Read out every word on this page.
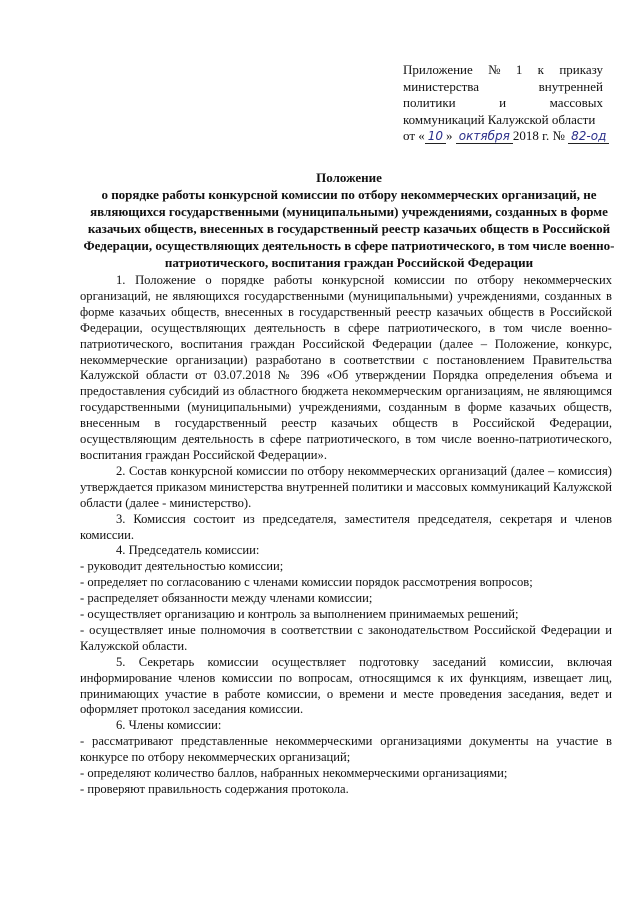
Приложение № 1 к приказу
министерства	внутренней
политики	и	массовых
коммуникаций Калужской области
от « 10 » октября 2018 г. № 82-од
Положение
о порядке работы конкурсной комиссии по отбору некоммерческих организаций, не являющихся государственными (муниципальными) учреждениями, созданных в форме казачьих обществ, внесенных в государственный реестр казачьих обществ в Российской Федерации, осуществляющих деятельность в сфере патриотического, в том числе военно-патриотического, воспитания граждан Российской Федерации

1. Положение о порядке работы конкурсной комиссии по отбору некоммерческих организаций, не являющихся государственными (муниципальными) учреждениями, созданных в форме казачьих обществ, внесенных в государственный реестр казачьих обществ в Российской Федерации, осуществляющих деятельность в сфере патриотического, в том числе военно-патриотического, воспитания граждан Российской Федерации (далее – Положение, конкурс, некоммерческие организации) разработано в соответствии с постановлением Правительства Калужской области от 03.07.2018 № 396 «Об утверждении Порядка определения объема и предоставления субсидий из областного бюджета некоммерческим организациям, не являющимся государственными (муниципальными) учреждениями, созданным в форме казачьих обществ, внесенным в государственный реестр казачьих обществ в Российской Федерации, осуществляющим деятельность в сфере патриотического, в том числе военно-патриотического, воспитания граждан Российской Федерации».

2. Состав конкурсной комиссии по отбору некоммерческих организаций (далее – комиссия) утверждается приказом министерства внутренней политики и массовых коммуникаций Калужской области (далее - министерство).

3. Комиссия состоит из председателя, заместителя председателя, секретаря и членов комиссии.

4. Председатель комиссии:

- руководит деятельностью комиссии;

- определяет по согласованию с членами комиссии порядок рассмотрения вопросов;

- распределяет обязанности между членами комиссии;

- осуществляет организацию и контроль за выполнением принимаемых решений;

- осуществляет иные полномочия в соответствии с законодательством Российской Федерации и Калужской области.

5. Секретарь комиссии осуществляет подготовку заседаний комиссии, включая информирование членов комиссии по вопросам, относящимся к их функциям, извещает лиц, принимающих участие в работе комиссии, о времени и месте проведения заседания, ведет и оформляет протокол заседания комиссии.

6. Члены комиссии:

- рассматривают представленные некоммерческими организациями документы на участие в конкурсе по отбору некоммерческих организаций;

- определяют количество баллов, набранных некоммерческими организациями;

- проверяют правильность содержания протокола.
